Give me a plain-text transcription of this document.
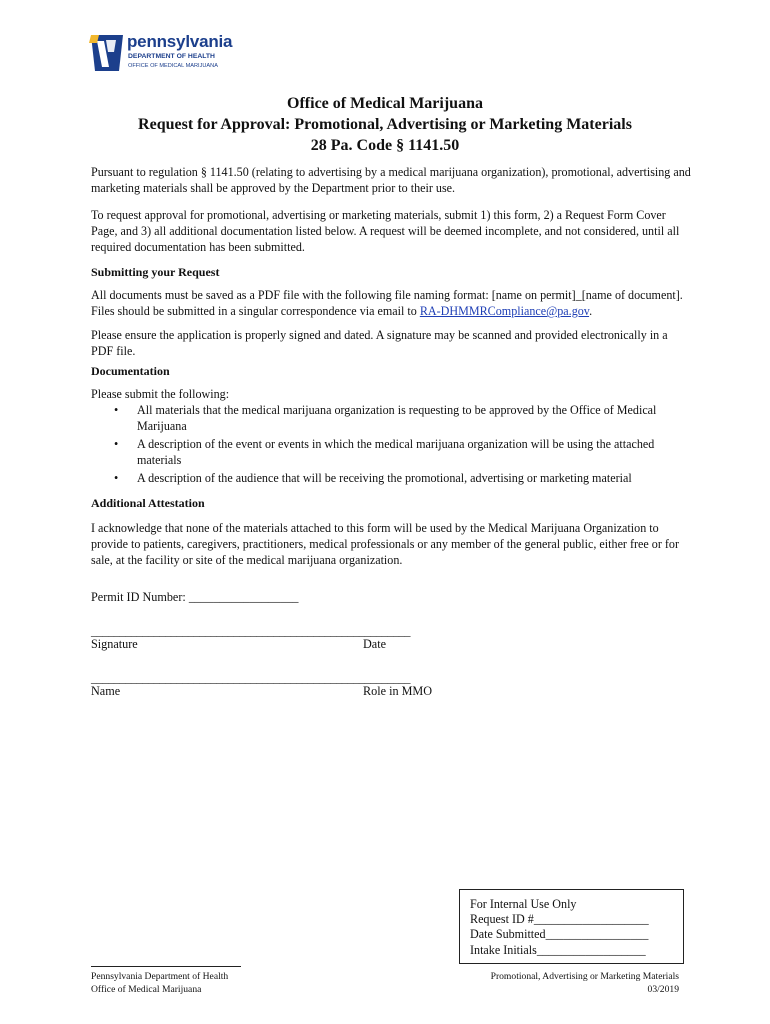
pennsylvania
DEPARTMENT OF HEALTH
OFFICE OF MEDICAL MARIJUANA
Office of Medical Marijuana
Request for Approval: Promotional, Advertising or Marketing Materials
28 Pa. Code § 1141.50
Pursuant to regulation § 1141.50 (relating to advertising by a medical marijuana organization), promotional, advertising and marketing materials shall be approved by the Department prior to their use.
To request approval for promotional, advertising or marketing materials, submit 1) this form, 2) a Request Form Cover Page, and 3) all additional documentation listed below. A request will be deemed incomplete, and not considered, until all required documentation has been submitted.
Submitting your Request
All documents must be saved as a PDF file with the following file naming format: [name on permit]_[name of document]. Files should be submitted in a singular correspondence via email to RA-DHMMRCompliance@pa.gov.
Please ensure the application is properly signed and dated. A signature may be scanned and provided electronically in a PDF file.
Documentation
Please submit the following:
• All materials that the medical marijuana organization is requesting to be approved by the Office of Medical Marijuana
• A description of the event or events in which the medical marijuana organization will be using the attached materials
• A description of the audience that will be receiving the promotional, advertising or marketing material
Additional Attestation
I acknowledge that none of the materials attached to this form will be used by the Medical Marijuana Organization to provide to patients, caregivers, practitioners, medical professionals or any member of the general public, either free or for sale, at the facility or site of the medical marijuana organization.
Permit ID Number: __________________
________________________________________________________
Signature	Date
________________________________________________________
Name	Role in MMO
For Internal Use Only
Request ID #___________________
Date Submitted_________________
Intake Initials__________________
Pennsylvania Department of Health
Office of Medical Marijuana
Promotional, Advertising or Marketing Materials
03/2019
